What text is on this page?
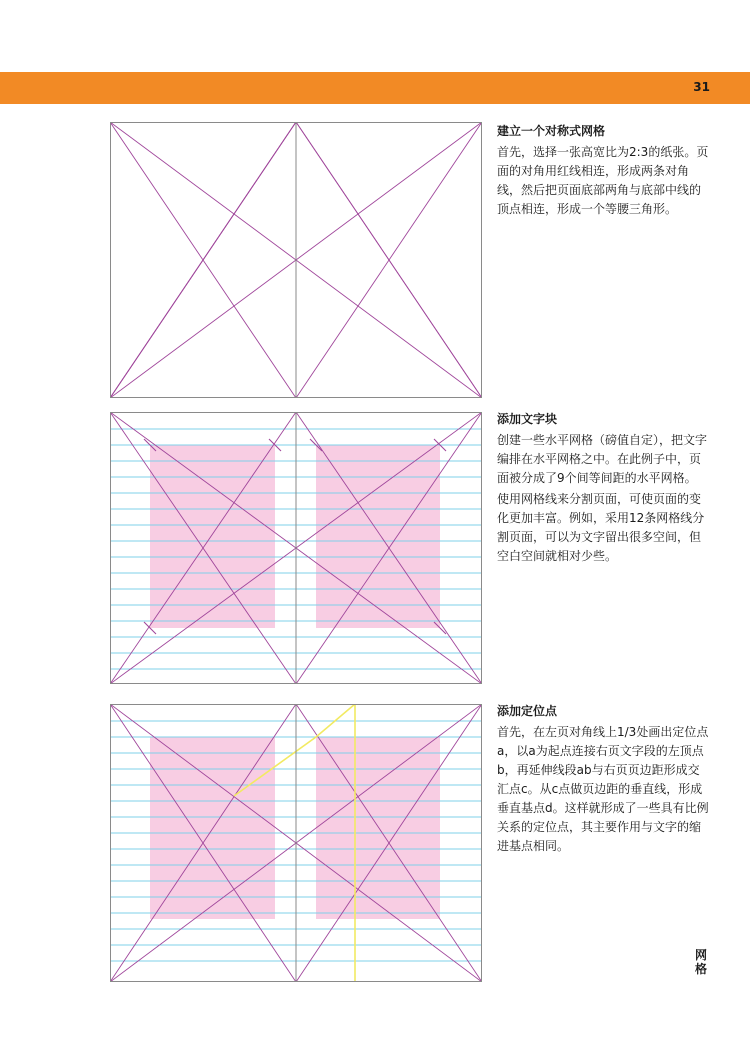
31
建立一个对称式网格

首先，选择一张高宽比为2:3的纸张。页面的对角用红线相连，形成两条对角线，然后把页面底部两角与底部中线的顶点相连，形成一个等腰三角形。

添加文字块

创建一些水平网格（磅值自定），把文字编排在水平网格之中。在此例子中，页面被分成了9个间等间距的水平网格。

使用网格线来分割页面，可使页面的变化更加丰富。例如，采用12条网格线分割页面，可以为文字留出很多空间，但空白空间就相对少些。

添加定位点

首先，在左页对角线上1/3处画出定位点a，以a为起点连接右页文字段的左顶点b，再延伸线段ab与右页页边距形成交汇点c。从c点做页边距的垂直线，形成垂直基点d。这样就形成了一些具有比例关系的定位点，其主要作用与文字的缩进基点相同。

网格
